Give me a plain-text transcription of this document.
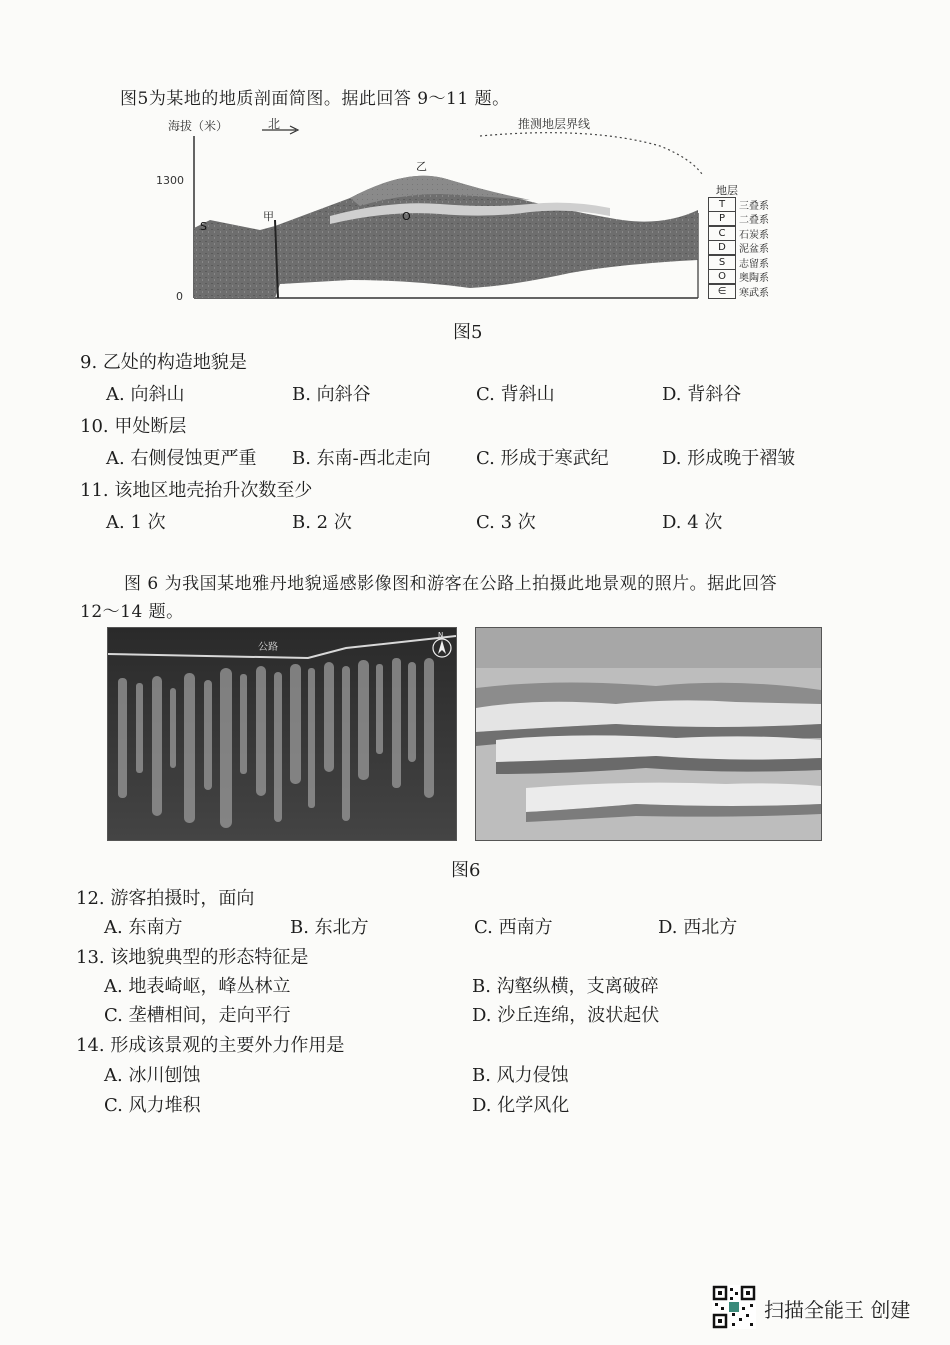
图5为某地的地质剖面简图。据此回答 9～11 题。
海拔（米）
1300
0
北	推测地层界线
甲
乙
S
O
地层
T	三叠系
P	二叠系
C	石炭系
D	泥盆系
S	志留系
O	奥陶系
∈	寒武系
图5
9. 乙处的构造地貌是
A. 向斜山	B. 向斜谷	C. 背斜山	D. 背斜谷
10. 甲处断层
A. 右侧侵蚀更严重 B. 东南-西北走向	C. 形成于寒武纪	D. 形成晚于褶皱
11. 该地区地壳抬升次数至少
A. 1 次	B. 2 次	C. 3 次	D. 4 次
图 6 为我国某地雅丹地貌遥感影像图和游客在公路上拍摄此地景观的照片。据此回答
12～14 题。
公路
N
图6
12. 游客拍摄时，面向
A. 东南方	B. 东北方	C. 西南方	D. 西北方
13. 该地貌典型的形态特征是
A. 地表崎岖，峰丛林立	B. 沟壑纵横，支离破碎
C. 垄槽相间，走向平行	D. 沙丘连绵，波状起伏
14. 形成该景观的主要外力作用是
A. 冰川刨蚀	B. 风力侵蚀
C. 风力堆积	D. 化学风化
扫描全能王 创建
